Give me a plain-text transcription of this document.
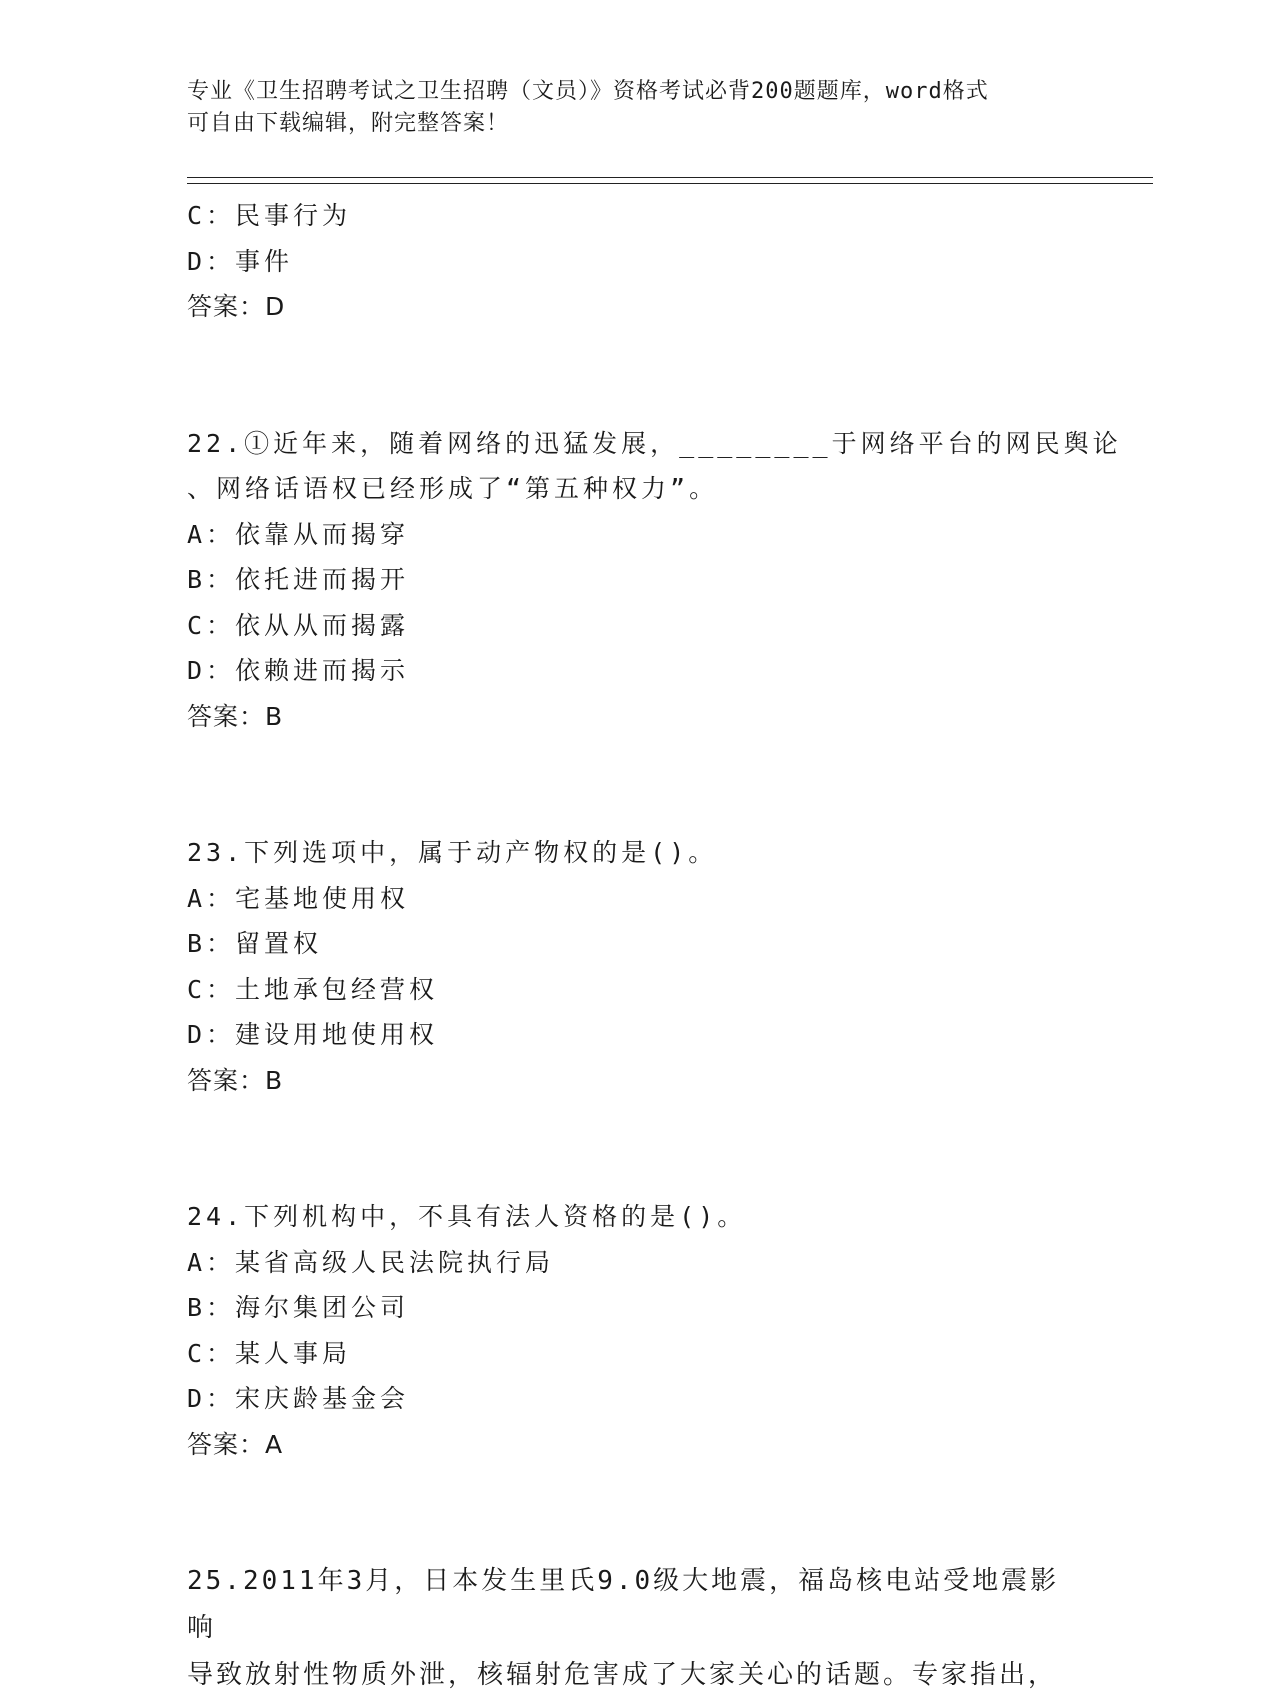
专业《卫生招聘考试之卫生招聘（文员）》资格考试必背200题题库，word格式
可自由下载编辑，附完整答案！
C：民事行为
D：事件
答案：D
22.①近年来，随着网络的迅猛发展，________于网络平台的网民舆论
、网络话语权已经形成了“第五种权力”。
A：依靠从而揭穿
B：依托进而揭开
C：依从从而揭露
D：依赖进而揭示
答案：B
23.下列选项中，属于动产物权的是()。
A：宅基地使用权
B：留置权
C：土地承包经营权
D：建设用地使用权
答案：B
24.下列机构中，不具有法人资格的是()。
A：某省高级人民法院执行局
B：海尔集团公司
C：某人事局
D：宋庆龄基金会
答案：A
25.2011年3月，日本发生里氏9.0级大地震，福岛核电站受地震影响
导致放射性物质外泄，核辐射危害成了大家关心的话题。专家指出，
